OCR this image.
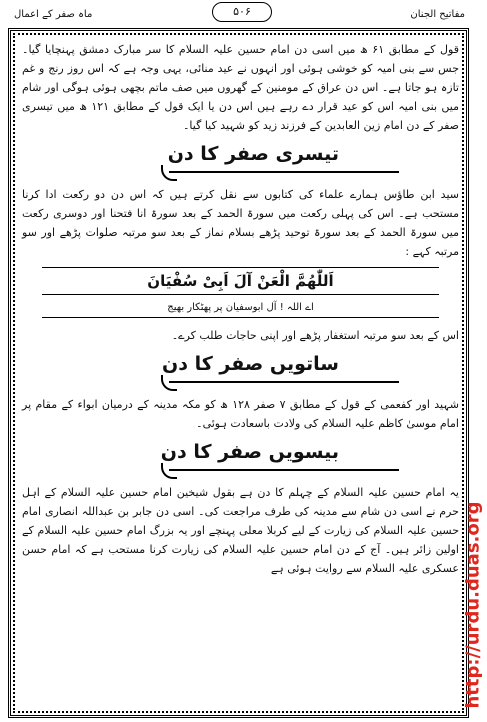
مفاتیح الجنان
۵۰۶
ماہ صفر کے اعمال

قول کے مطابق ۶۱ ھ میں اسی دن امام حسین علیہ السلام کا سر مبارک دمشق پہنچایا گیا۔ جس سے بنی امیہ کو خوشی ہوئی اور انہوں نے عید منائی، یہی وجہ ہے کہ اس روز رنج و غم تازہ ہو جاتا ہے۔ اس دن عراق کے مومنین کے گھروں میں صف ماتم بچھی ہوئی ہوگی اور شام میں بنی امیہ اس کو عید قرار دے رہے ہیں اس دن یا ایک قول کے مطابق ۱۲۱ ھ میں تیسری صفر کے دن امام زین العابدین کے فرزند زید کو شہید کیا گیا۔

تیسری صفر کا دن

سید ابن طاؤس ہمارے علماء کی کتابوں سے نقل کرتے ہیں کہ اس دن دو رکعت ادا کرنا مستحب ہے۔ اس کی پہلی رکعت میں سورۃ الحمد کے بعد سورۃ انا فتحنا اور دوسری رکعت میں سورۃ الحمد کے بعد سورۃ توحید پڑھے بسلام نماز کے بعد سو مرتبہ صلوات پڑھے اور سو مرتبہ کہے :

اَللّٰھُمَّ الْعَنْ آلَ اَبِیْ سُفْیَانَ
اے اللہ ! آل ابوسفیان پر پھٹکار بھیج

اس کے بعد سو مرتبہ استغفار پڑھے اور اپنی حاجات طلب کرے۔

ساتویں صفر کا دن

شہید اور کفعمی کے قول کے مطابق ۷ صفر ۱۲۸ ھ کو مکہ مدینہ کے درمیان ابواء کے مقام پر امام موسیٰ کاظم علیہ السلام کی ولادت باسعادت ہوئی۔

بیسویں صفر کا دن

یہ امام حسین علیہ السلام کے چہلم کا دن ہے بقول شیخین امام حسین علیہ السلام کے اہل حرم نے اسی دن شام سے مدینہ کی طرف مراجعت کی۔ اسی دن جابر بن عبداللہ انصاری امام حسین علیہ السلام کی زیارت کے لیے کربلا معلی پہنچے اور یہ بزرگ امام حسین علیہ السلام کے اولین زائر ہیں۔ آج کے دن امام حسین علیہ السلام کی زیارت کرنا مستحب ہے کہ امام حسن عسکری علیہ السلام سے روایت ہوئی ہے http://urdu.duas.org
